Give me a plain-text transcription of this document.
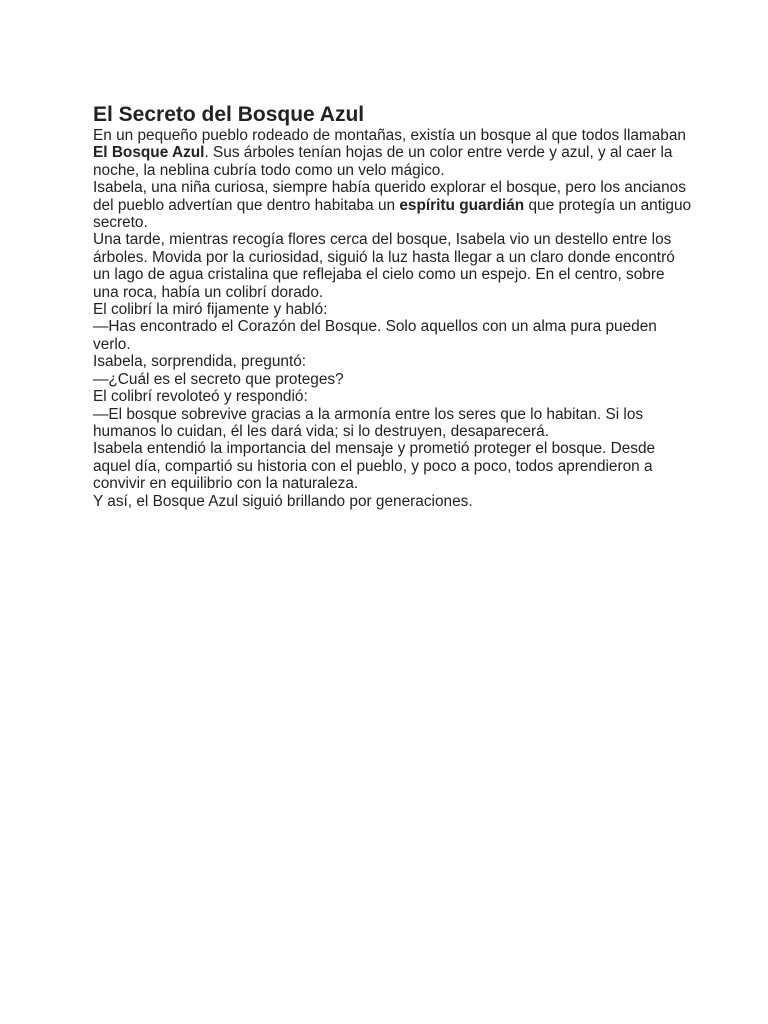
El Secreto del Bosque Azul

En un pequeño pueblo rodeado de montañas, existía un bosque al que todos llamaban El Bosque Azul. Sus árboles tenían hojas de un color entre verde y azul, y al caer la noche, la neblina cubría todo como un velo mágico.

Isabela, una niña curiosa, siempre había querido explorar el bosque, pero los ancianos del pueblo advertían que dentro habitaba un espíritu guardián que protegía un antiguo secreto.

Una tarde, mientras recogía flores cerca del bosque, Isabela vio un destello entre los árboles. Movida por la curiosidad, siguió la luz hasta llegar a un claro donde encontró un lago de agua cristalina que reflejaba el cielo como un espejo. En el centro, sobre una roca, había un colibrí dorado.

El colibrí la miró fijamente y habló:

—Has encontrado el Corazón del Bosque. Solo aquellos con un alma pura pueden verlo.

Isabela, sorprendida, preguntó:

—¿Cuál es el secreto que proteges?

El colibrí revoloteó y respondió:

—El bosque sobrevive gracias a la armonía entre los seres que lo habitan. Si los humanos lo cuidan, él les dará vida; si lo destruyen, desaparecerá.

Isabela entendió la importancia del mensaje y prometió proteger el bosque. Desde aquel día, compartió su historia con el pueblo, y poco a poco, todos aprendieron a convivir en equilibrio con la naturaleza.

Y así, el Bosque Azul siguió brillando por generaciones.
